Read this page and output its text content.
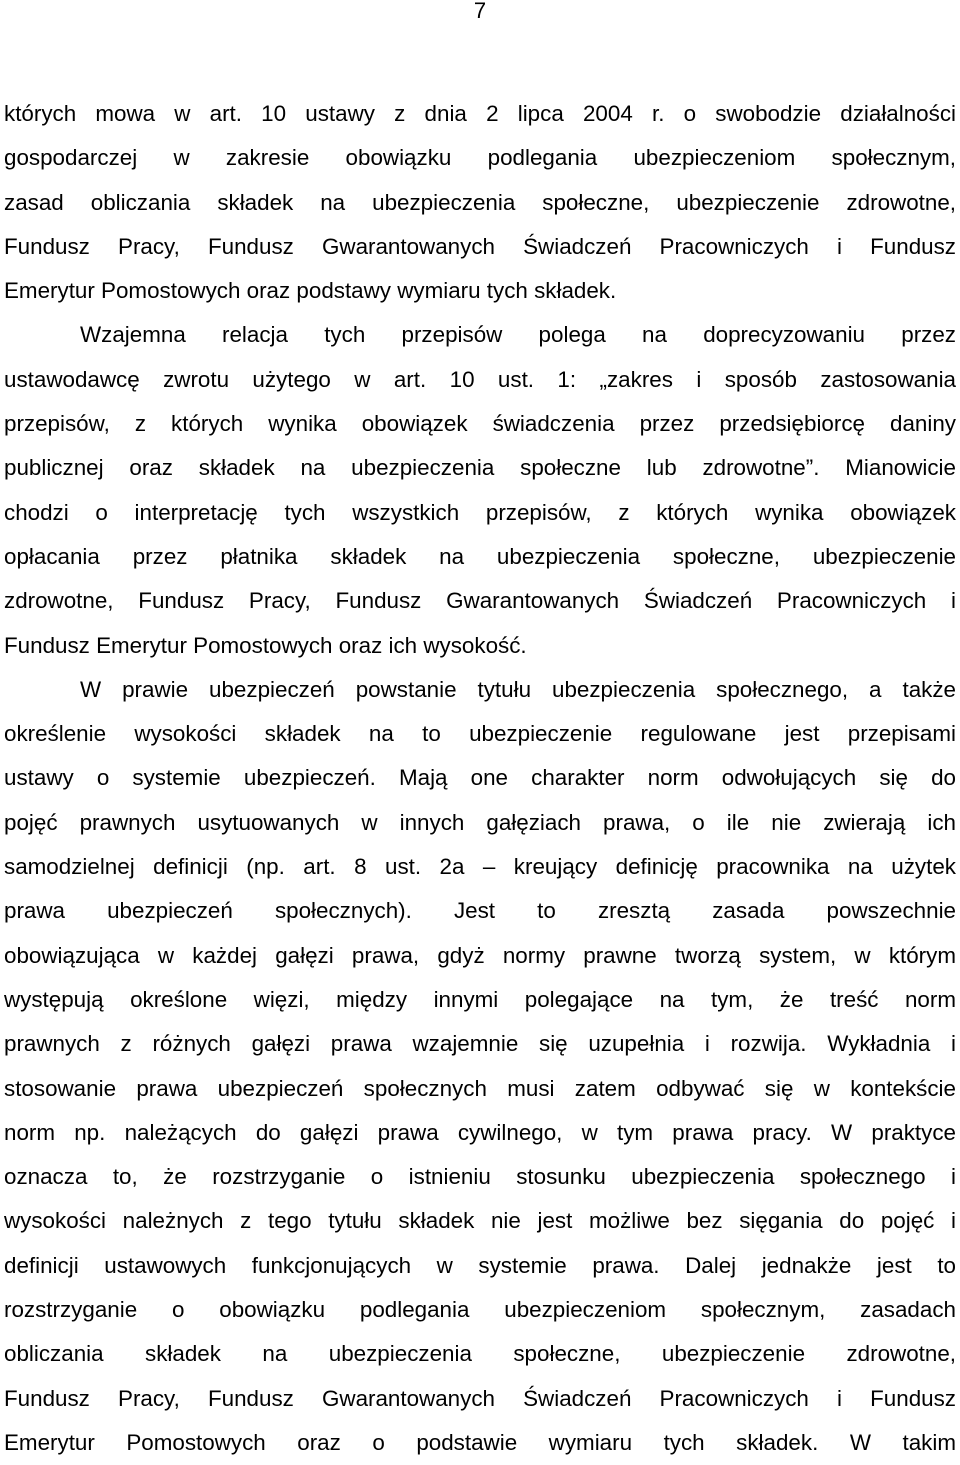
7
których mowa w art. 10 ustawy z dnia 2 lipca 2004 r. o swobodzie działalności
gospodarczej w zakresie obowiązku podlegania ubezpieczeniom społecznym,
zasad obliczania składek na ubezpieczenia społeczne, ubezpieczenie zdrowotne,
Fundusz Pracy, Fundusz Gwarantowanych Świadczeń Pracowniczych i Fundusz
Emerytur Pomostowych oraz podstawy wymiaru tych składek.
Wzajemna relacja tych przepisów polega na doprecyzowaniu przez
ustawodawcę zwrotu użytego w art. 10 ust. 1: „zakres i sposób zastosowania
przepisów, z których wynika obowiązek świadczenia przez przedsiębiorcę daniny
publicznej oraz składek na ubezpieczenia społeczne lub zdrowotne”. Mianowicie
chodzi o interpretację tych wszystkich przepisów, z których wynika obowiązek
opłacania przez płatnika składek na ubezpieczenia społeczne, ubezpieczenie
zdrowotne, Fundusz Pracy, Fundusz Gwarantowanych Świadczeń Pracowniczych i
Fundusz Emerytur Pomostowych oraz ich wysokość.
W prawie ubezpieczeń powstanie tytułu ubezpieczenia społecznego, a także
określenie wysokości składek na to ubezpieczenie regulowane jest przepisami
ustawy o systemie ubezpieczeń. Mają one charakter norm odwołujących się do
pojęć prawnych usytuowanych w innych gałęziach prawa, o ile nie zwierają ich
samodzielnej definicji (np. art. 8 ust. 2a – kreujący definicję pracownika na użytek
prawa ubezpieczeń społecznych). Jest to zresztą zasada powszechnie
obowiązująca w każdej gałęzi prawa, gdyż normy prawne tworzą system, w którym
występują określone więzi, między innymi polegające na tym, że treść norm
prawnych z różnych gałęzi prawa wzajemnie się uzupełnia i rozwija. Wykładnia i
stosowanie prawa ubezpieczeń społecznych musi zatem odbywać się w kontekście
norm np. należących do gałęzi prawa cywilnego, w tym prawa pracy. W praktyce
oznacza to, że rozstrzyganie o istnieniu stosunku ubezpieczenia społecznego i
wysokości należnych z tego tytułu składek nie jest możliwe bez sięgania do pojęć i
definicji ustawowych funkcjonujących w systemie prawa. Dalej jednakże jest to
rozstrzyganie o obowiązku podlegania ubezpieczeniom społecznym, zasadach
obliczania składek na ubezpieczenia społeczne, ubezpieczenie zdrowotne,
Fundusz Pracy, Fundusz Gwarantowanych Świadczeń Pracowniczych i Fundusz
Emerytur Pomostowych oraz o podstawie wymiaru tych składek. W takim
